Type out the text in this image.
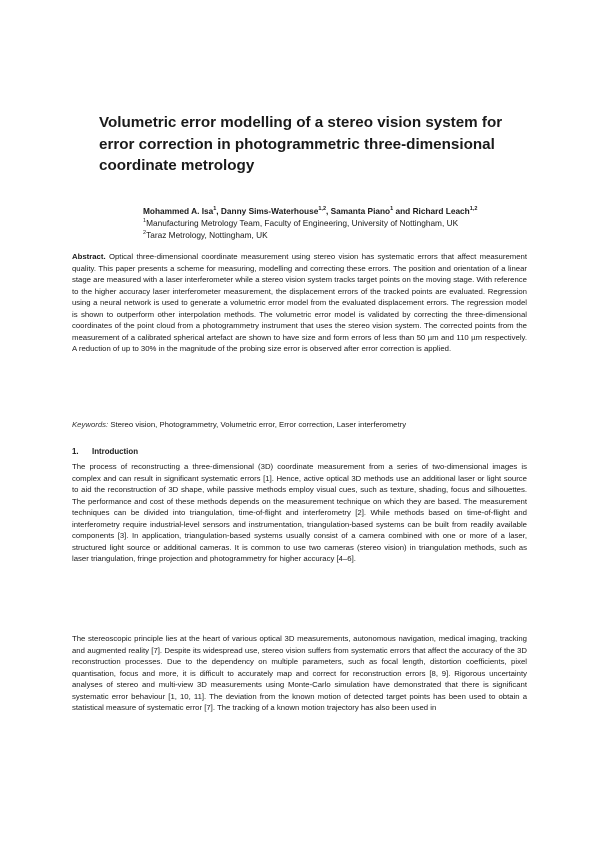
Volumetric error modelling of a stereo vision system for error correction in photogrammetric three-dimensional coordinate metrology
Mohammed A. Isa$^1$, Danny Sims-Waterhouse$^{1,2}$, Samanta Piano$^1$ and Richard Leach$^{1,2}$
$^1$Manufacturing Metrology Team, Faculty of Engineering, University of Nottingham, UK
$^2$Taraz Metrology, Nottingham, UK
Abstract. Optical three-dimensional coordinate measurement using stereo vision has systematic errors that affect measurement quality. This paper presents a scheme for measuring, modelling and correcting these errors. The position and orientation of a linear stage are measured with a laser interferometer while a stereo vision system tracks target points on the moving stage. With reference to the higher accuracy laser interferometer measurement, the displacement errors of the tracked points are evaluated. Regression using a neural network is used to generate a volumetric error model from the evaluated displacement errors. The regression model is shown to outperform other interpolation methods. The volumetric error model is validated by correcting the three-dimensional coordinates of the point cloud from a photogrammetry instrument that uses the stereo vision system. The corrected points from the measurement of a calibrated spherical artefact are shown to have size and form errors of less than 50 µm and 110 µm respectively. A reduction of up to 30% in the magnitude of the probing size error is observed after error correction is applied.
Keywords: Stereo vision, Photogrammetry, Volumetric error, Error correction, Laser interferometry
1. Introduction
The process of reconstructing a three-dimensional (3D) coordinate measurement from a series of two-dimensional images is complex and can result in significant systematic errors [1]. Hence, active optical 3D methods use an additional laser or light source to aid the reconstruction of 3D shape, while passive methods employ visual cues, such as texture, shading, focus and silhouettes. The performance and cost of these methods depends on the measurement technique on which they are based. The measurement techniques can be divided into triangulation, time-of-flight and interferometry [2]. While methods based on time-of-flight and interferometry require industrial-level sensors and instrumentation, triangulation-based systems can be built from readily available components [3]. In application, triangulation-based systems usually consist of a camera combined with one or more of a laser, structured light source or additional cameras. It is common to use two cameras (stereo vision) in triangulation methods, such as laser triangulation, fringe projection and photogrammetry for higher accuracy [4–6].
The stereoscopic principle lies at the heart of various optical 3D measurements, autonomous navigation, medical imaging, tracking and augmented reality [7]. Despite its widespread use, stereo vision suffers from systematic errors that affect the accuracy of the 3D reconstruction processes. Due to the dependency on multiple parameters, such as focal length, distortion coefficients, pixel quantisation, focus and more, it is difficult to accurately map and correct for reconstruction errors [8, 9]. Rigorous uncertainty analyses of stereo and multi-view 3D measurements using Monte-Carlo simulation have demonstrated that there is significant systematic error behaviour [1, 10, 11]. The deviation from the known motion of detected target points has been used to obtain a statistical measure of systematic error [7]. The tracking of a known motion trajectory has also been used in
